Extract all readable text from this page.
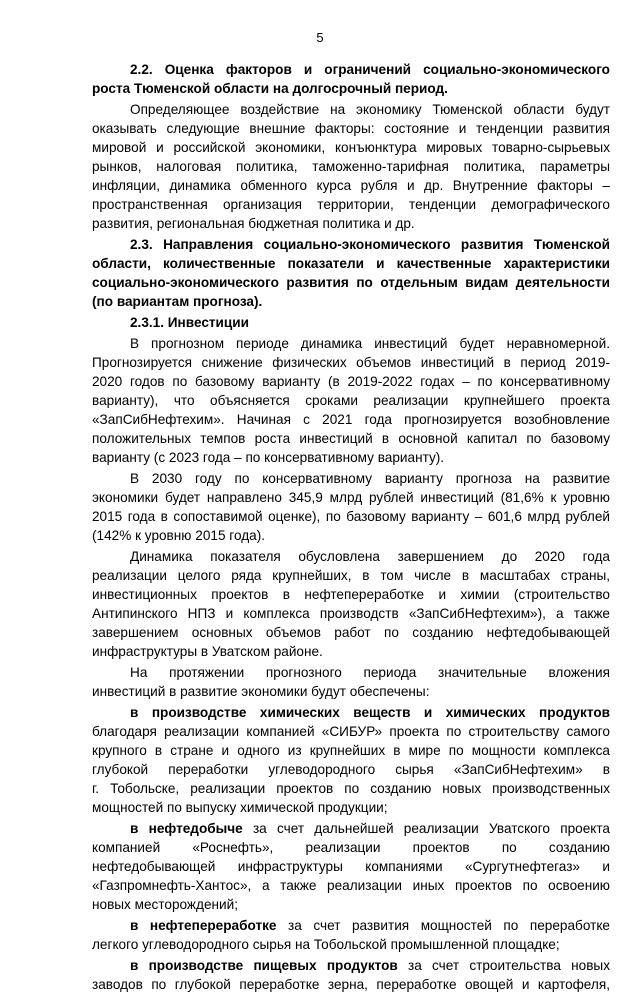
5
2.2. Оценка факторов и ограничений социально-экономического
роста Тюменской области на долгосрочный период.
Определяющее воздействие на экономику Тюменской области будут
оказывать следующие внешние факторы: состояние и тенденции развития
мировой и российской экономики, конъюнктура мировых товарно-сырьевых
рынков, налоговая политика, таможенно-тарифная политика, параметры
инфляции, динамика обменного курса рубля и др. Внутренние факторы –
пространственная организация территории, тенденции демографического
развития, региональная бюджетная политика и др.
2.3. Направления социально-экономического развития Тюменской
области, количественные показатели и качественные характеристики
социально-экономического развития по отдельным видам деятельности
(по вариантам прогноза).
2.3.1. Инвестиции
В прогнозном периоде динамика инвестиций будет неравномерной.
Прогнозируется снижение физических объемов инвестиций в период 2019-
2020 годов по базовому варианту (в 2019-2022 годах – по консервативному
варианту), что объясняется сроками реализации крупнейшего проекта
«ЗапСибНефтехим». Начиная с 2021 года прогнозируется возобновление
положительных темпов роста инвестиций в основной капитал по базовому
варианту (с 2023 года – по консервативному варианту).
В 2030 году по консервативному варианту прогноза на развитие
экономики будет направлено 345,9 млрд рублей инвестиций (81,6% к уровню
2015 года в сопоставимой оценке), по базовому варианту – 601,6 млрд рублей
(142% к уровню 2015 года).
Динамика показателя обусловлена завершением до 2020 года
реализации целого ряда крупнейших, в том числе в масштабах страны,
инвестиционных проектов в нефтепереработке и химии (строительство
Антипинского НПЗ и комплекса производств «ЗапСибНефтехим»), а также
завершением основных объемов работ по созданию нефтедобывающей
инфраструктуры в Уватском районе.
На протяжении прогнозного периода значительные вложения
инвестиций в развитие экономики будут обеспечены:
в производстве химических веществ и химических продуктов
благодаря реализации компанией «СИБУР» проекта по строительству самого
крупного в стране и одного из крупнейших в мире по мощности комплекса
глубокой переработки углеводородного сырья «ЗапСибНефтехим» в
г. Тобольске, реализации проектов по созданию новых производственных
мощностей по выпуску химической продукции;
в нефтедобыче за счет дальнейшей реализации Уватского проекта
компанией «Роснефть», реализации проектов по созданию
нефтедобывающей инфраструктуры компаниями «Сургутнефтегаз» и
«Газпромнефть-Хантос», а также реализации иных проектов по освоению
новых месторождений;
в нефтепереработке за счет развития мощностей по переработке
легкого углеводородного сырья на Тобольской промышленной площадке;
в производстве пищевых продуктов за счет строительства новых
заводов по глубокой переработке зерна, переработке овощей и картофеля,
